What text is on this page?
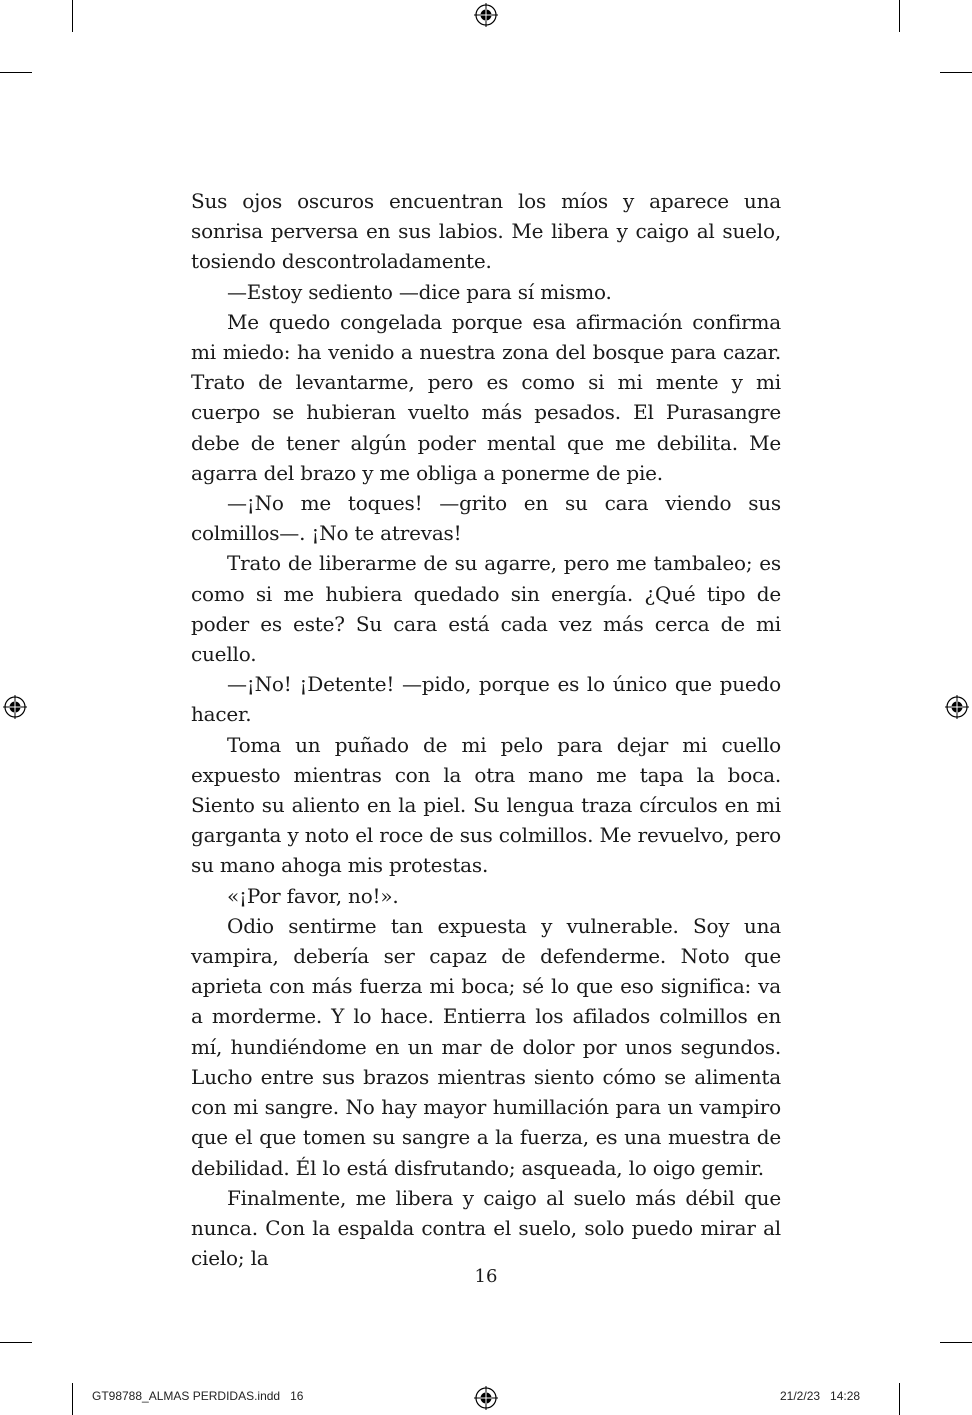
Sus ojos oscuros encuentran los míos y aparece una sonrisa perversa en sus labios. Me libera y caigo al suelo, tosiendo descontroladamente.

—Estoy sediento —dice para sí mismo.

Me quedo congelada porque esa afirmación confirma mi miedo: ha venido a nuestra zona del bosque para cazar. Trato de levantarme, pero es como si mi mente y mi cuerpo se hubieran vuelto más pesados. El Purasangre debe de tener algún poder mental que me debilita. Me agarra del brazo y me obliga a ponerme de pie.

—¡No me toques! —grito en su cara viendo sus colmillos—. ¡No te atrevas!

Trato de liberarme de su agarre, pero me tambaleo; es como si me hubiera quedado sin energía. ¿Qué tipo de poder es este? Su cara está cada vez más cerca de mi cuello.

—¡No! ¡Detente! —pido, porque es lo único que puedo hacer.

Toma un puñado de mi pelo para dejar mi cuello expuesto mientras con la otra mano me tapa la boca. Siento su aliento en la piel. Su lengua traza círculos en mi garganta y noto el roce de sus colmillos. Me revuelvo, pero su mano ahoga mis protestas.

«¡Por favor, no!».

Odio sentirme tan expuesta y vulnerable. Soy una vampira, debería ser capaz de defenderme. Noto que aprieta con más fuerza mi boca; sé lo que eso significa: va a morderme. Y lo hace. Entierra los afilados colmillos en mí, hundiéndome en un mar de dolor por unos segundos. Lucho entre sus brazos mientras siento cómo se alimenta con mi sangre. No hay mayor humillación para un vampiro que el que tomen su sangre a la fuerza, es una muestra de debilidad. Él lo está disfrutando; asqueada, lo oigo gemir.

Finalmente, me libera y caigo al suelo más débil que nunca. Con la espalda contra el suelo, solo puedo mirar al cielo; la

16
GT98788_ALMAS PERDIDAS.indd   16	21/2/23   14:28
